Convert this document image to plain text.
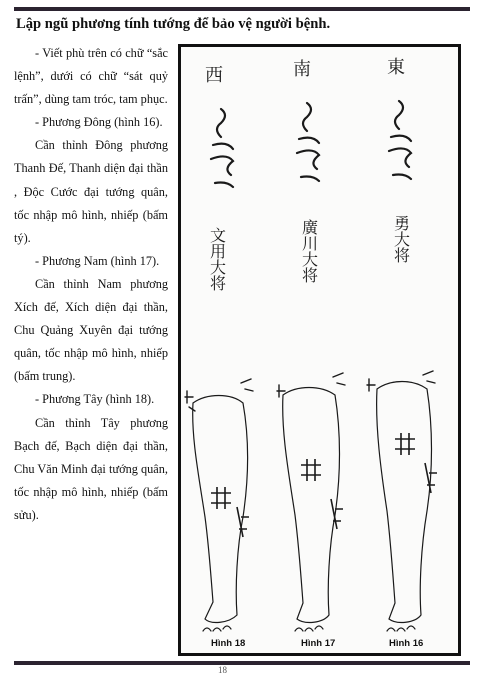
Lập ngũ phương tính tướng để bảo vệ người bệnh.

- Viết phù trên có chữ “sắc lệnh”, dưới có chữ “sát quỷ trấn”, dùng tam tróc, tam phục.

- Phương Đông (hình 16).

Cần thỉnh Đông phương Thanh Đế, Thanh diện đại thần , Độc Cước đại tướng quân, tốc nhập mô hình, nhiếp (bấm tý).

- Phương Nam (hình 17).

Cần thỉnh Nam phương Xích đế, Xích diện đại thần, Chu Quảng Xuyên đại tướng quân, tốc nhập mô hình, nhiếp (bấm trung).

- Phương Tây (hình 18).

Cần thỉnh Tây phương Bạch đế, Bạch diện đại thần, Chu Văn Minh đại tướng quân, tốc nhập mô hình, nhiếp (bấm sửu).

西	南	東
文用大将	廣川大将	勇大将
Hình 18	Hình 17	Hình 16
18
